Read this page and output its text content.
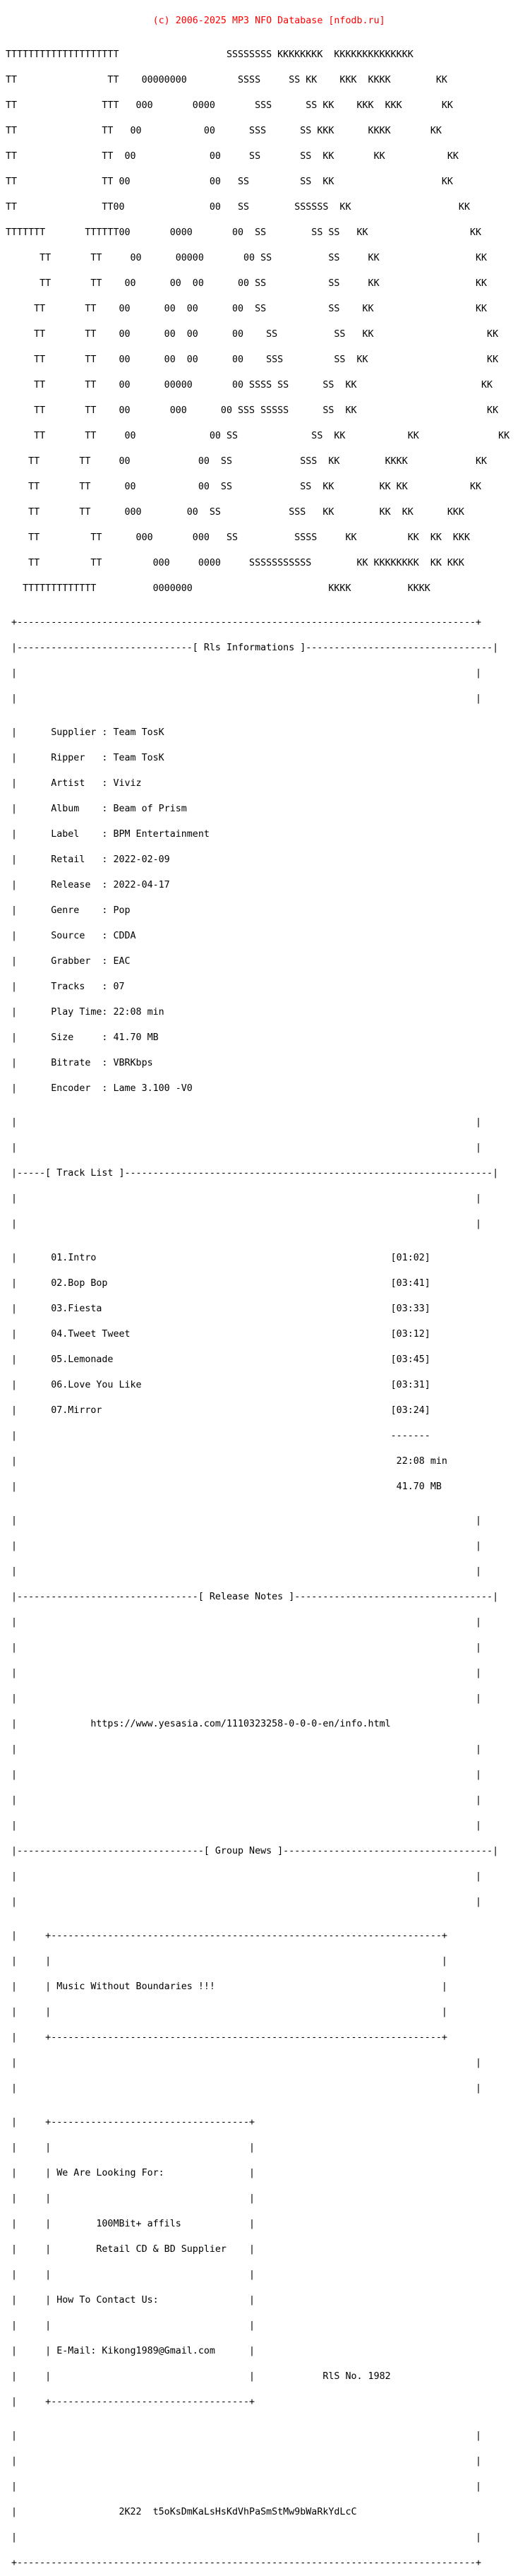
(c) 2006-2025 MP3 NFO Database [nfodb.ru]

TTTTTTTTTTTTTTTTTTTT                   SSSSSSSS KKKKKKKK  KKKKKKKKKKKKKK

TT                TT    00000000         SSSS     SS KK    KKK  KKKK        KK

TT               TTT   000       0000       SSS      SS KK    KKK  KKK       KK

TT               TT   00           00      SSS      SS KKK      KKKK       KK

TT               TT  00             00     SS       SS  KK       KK           KK

TT               TT 00              00   SS         SS  KK                   KK

TT               TT00               00   SS        SSSSSS  KK                   KK

TTTTTTT       TTTTTT00       0000       00  SS        SS SS   KK                  KK

TT       TT     00      00000       00 SS          SS     KK                 KK

TT       TT    00      00  00      00 SS           SS     KK                 KK

TT       TT    00      00  00      00  SS           SS    KK                  KK

TT       TT    00      00  00      00    SS          SS   KK                    KK

TT       TT    00      00  00      00    SSS         SS  KK                     KK

TT       TT    00      00000       00 SSSS SS      SS  KK                      KK

TT       TT    00       000      00 SSS SSSSS      SS  KK                       KK

TT       TT     00             00 SS             SS  KK           KK              KK

TT       TT     00            00  SS            SSS  KK        KKKK            KK

TT       TT      00           00  SS            SS  KK        KK KK           KK

TT       TT      000        00  SS            SSS   KK        KK  KK      KKK

TT         TT      000       000   SS          SSSS     KK         KK  KK  KKK

TT         TT         000     0000     SSSSSSSSSSS        KK KKKKKKKK  KK KKK

TTTTTTTTTTTTT          0000000                        KKKK          KKKK

+---------------------------------------------------------------------------------+

|-------------------------------[ Rls Informations ]---------------------------------|

|                                                                                 |

|                                                                                 |

|      Supplier : Team TosK

|      Ripper   : Team TosK

|      Artist   : Viviz

|      Album    : Beam of Prism

|      Label    : BPM Entertainment

|      Retail   : 2022-02-09

|      Release  : 2022-04-17

|      Genre    : Pop

|      Source   : CDDA

|      Grabber  : EAC

|      Tracks   : 07

|      Play Time: 22:08 min

|      Size     : 41.70 MB

|      Bitrate  : VBRKbps

|      Encoder  : Lame 3.100 -V0

|                                                                                 |

|                                                                                 |

|-----[ Track List ]-----------------------------------------------------------------|

|                                                                                 |

|                                                                                 |

|      01.Intro                                                    [01:02]

|      02.Bop Bop                                                  [03:41]

|      03.Fiesta                                                   [03:33]

|      04.Tweet Tweet                                              [03:12]

|      05.Lemonade                                                 [03:45]

|      06.Love You Like                                            [03:31]

|      07.Mirror                                                   [03:24]

|                                                                  -------

|                                                                   22:08 min

|                                                                   41.70 MB

|                                                                                 |

|                                                                                 |

|                                                                                 |

|--------------------------------[ Release Notes ]-----------------------------------|

|                                                                                 |

|                                                                                 |

|                                                                                 |

|                                                                                 |

|             https://www.yesasia.com/1110323258-0-0-0-en/info.html

|                                                                                 |

|                                                                                 |

|                                                                                 |

|                                                                                 |

|---------------------------------[ Group News ]-------------------------------------|

|                                                                                 |

|                                                                                 |

|     +---------------------------------------------------------------------+

|     |                                                                     |

|     | Music Without Boundaries !!!                                        |

|     |                                                                     |

|     +---------------------------------------------------------------------+

|                                                                                 |

|                                                                                 |

|     +-----------------------------------+

|     |                                   |

|     | We Are Looking For:               |

|     |                                   |

|     |        100MBit+ affils            |

|     |        Retail CD & BD Supplier    |

|     |                                   |

|     | How To Contact Us:                |

|     |                                   |

|     | E-Mail: Kikong1989@Gmail.com      |

|     |                                   |            RlS No. 1982

|     +-----------------------------------+

|                                                                                 |

|                                                                                 |

|                                                                                 |

|                  2K22  t5oKsDmKaLsHsKdVhPaSmStMw9bWaRkYdLcC

|                                                                                 |

+---------------------------------------------------------------------------------+
